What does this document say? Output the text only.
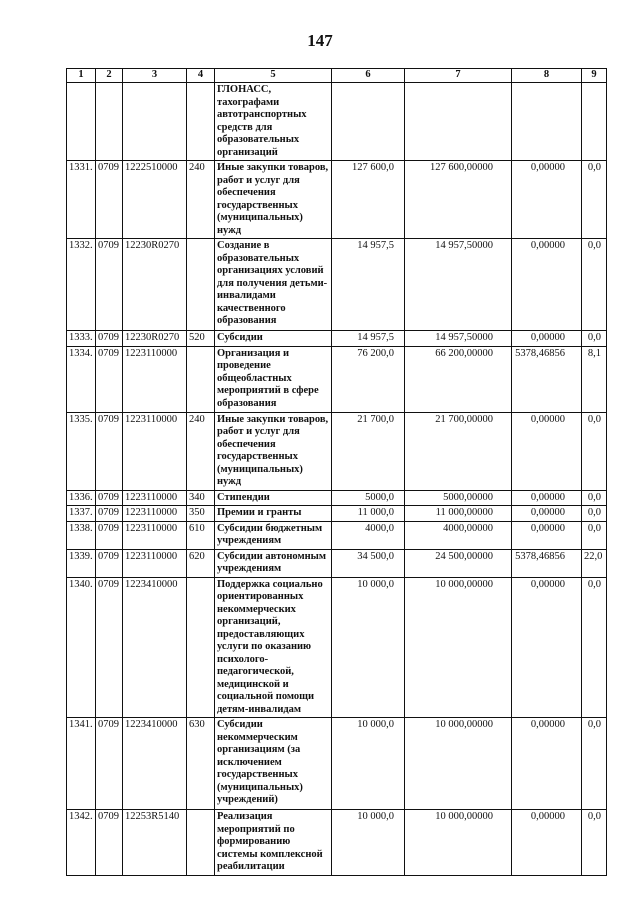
147
1	2	3	4	5	6	7	8	9
				ГЛОНАСС, тахографами автотранспортных средств для образовательных организаций				
1331.	0709	1222510000	240	Иные закупки товаров, работ и услуг для обеспечения государственных (муниципальных) нужд	127 600,0	127 600,00000	0,00000	0,0
1332.	0709	12230R0270		Создание в образовательных организациях условий для получения детьми-инвалидами качественного образования	14 957,5	14 957,50000	0,00000	0,0
1333.	0709	12230R0270	520	Субсидии	14 957,5	14 957,50000	0,00000	0,0
1334.	0709	1223110000		Организация и проведение общеобластных мероприятий в сфере образования	76 200,0	66 200,00000	5378,46856	8,1
1335.	0709	1223110000	240	Иные закупки товаров, работ и услуг для обеспечения государственных (муниципальных) нужд	21 700,0	21 700,00000	0,00000	0,0
1336.	0709	1223110000	340	Стипендии	5000,0	5000,00000	0,00000	0,0
1337.	0709	1223110000	350	Премии и гранты	11 000,0	11 000,00000	0,00000	0,0
1338.	0709	1223110000	610	Субсидии бюджетным учреждениям	4000,0	4000,00000	0,00000	0,0
1339.	0709	1223110000	620	Субсидии автономным учреждениям	34 500,0	24 500,00000	5378,46856	22,0
1340.	0709	1223410000		Поддержка социально ориентированных некоммерческих организаций, предоставляющих услуги по оказанию психолого-педагогической, медицинской и социальной помощи детям-инвалидам	10 000,0	10 000,00000	0,00000	0,0
1341.	0709	1223410000	630	Субсидии некоммерческим организациям (за исключением государственных (муниципальных) учреждений)	10 000,0	10 000,00000	0,00000	0,0
1342.	0709	12253R5140		Реализация мероприятий по формированию системы комплексной реабилитации	10 000,0	10 000,00000	0,00000	0,0
